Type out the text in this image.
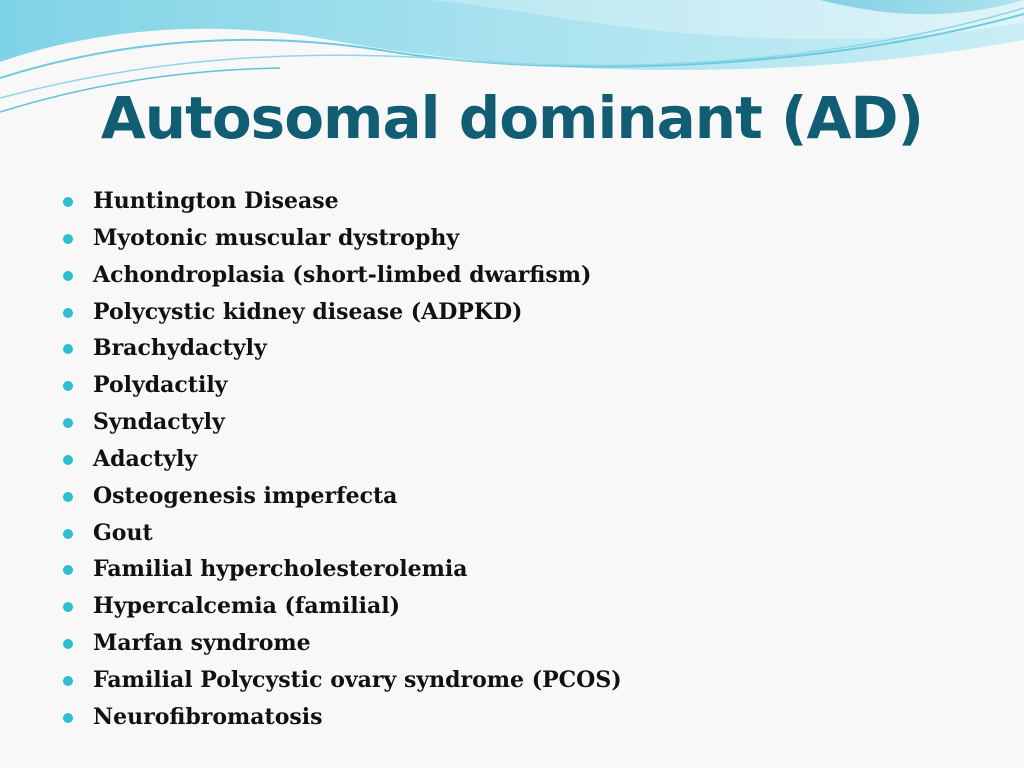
Autosomal dominant (AD)
Huntington Disease
Myotonic muscular dystrophy
Achondroplasia (short-limbed dwarfism)
Polycystic kidney disease (ADPKD)
Brachydactyly
Polydactily
Syndactyly
Adactyly
Osteogenesis imperfecta
Gout
Familial hypercholesterolemia
Hypercalcemia (familial)
Marfan syndrome
Familial Polycystic ovary syndrome (PCOS)
Neurofibromatosis
